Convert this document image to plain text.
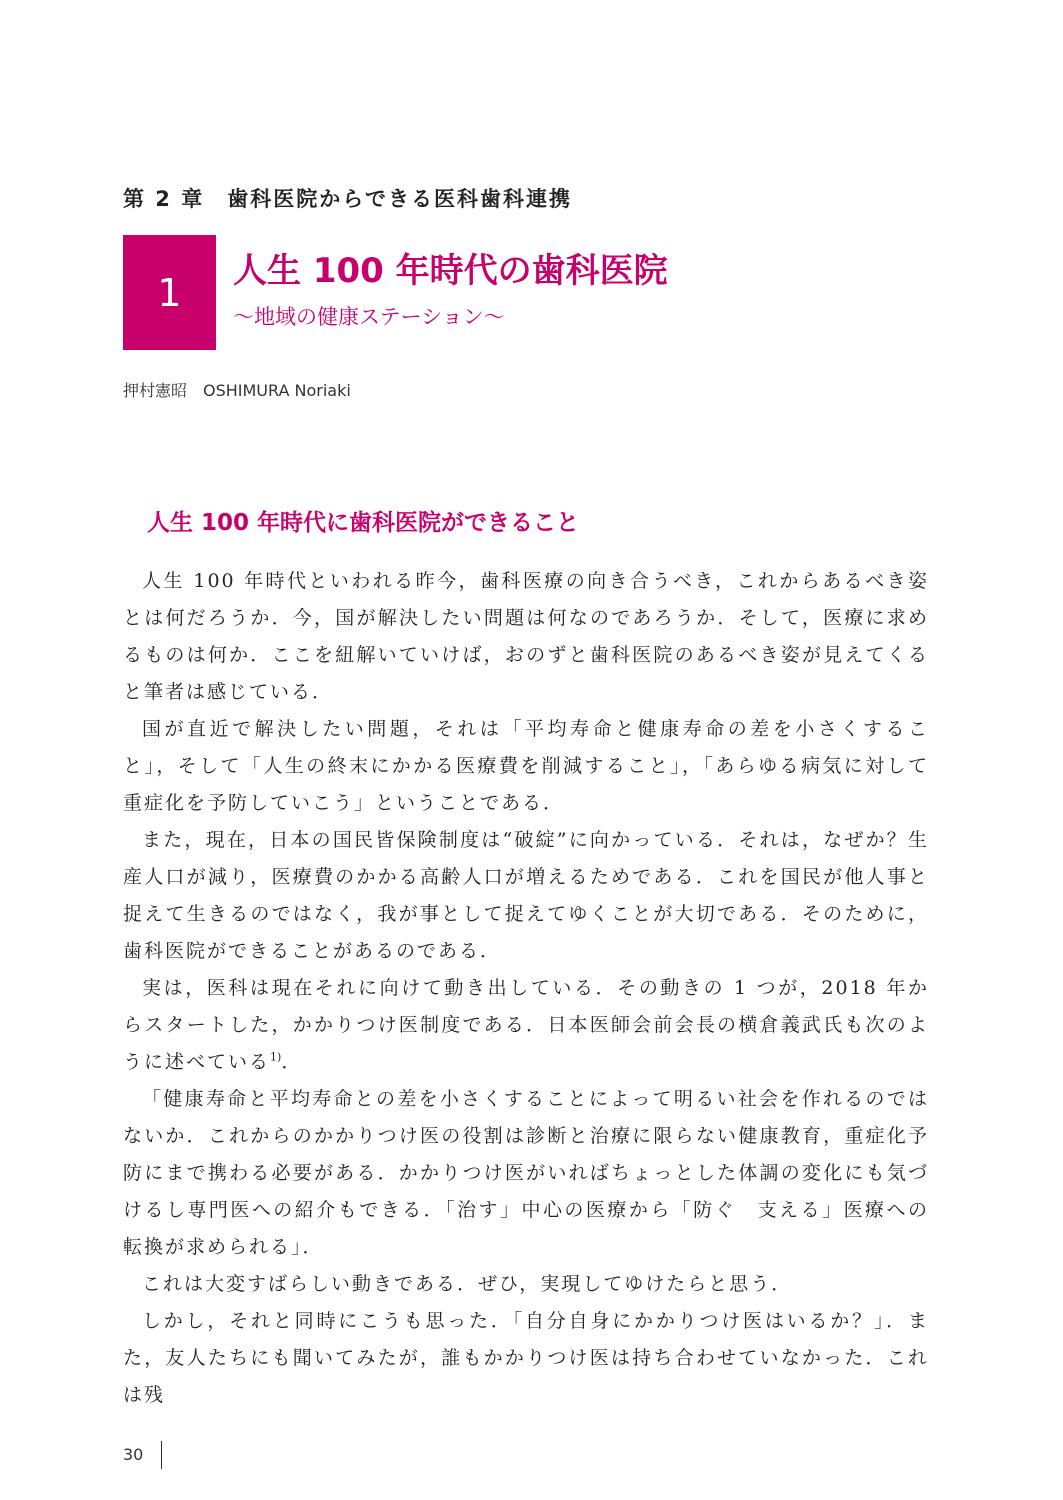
第 2 章　歯科医院からできる医科歯科連携
1 人生 100 年時代の歯科医院
〜地域の健康ステーション〜
押村憲昭　OSHIMURA Noriaki
人生 100 年時代に歯科医院ができること

人生 100 年時代といわれる昨今，歯科医療の向き合うべき，これからあるべき姿とは何だろうか．今，国が解決したい問題は何なのであろうか．そして，医療に求めるものは何か．ここを紐解いていけば，おのずと歯科医院のあるべき姿が見えてくると筆者は感じている．

国が直近で解決したい問題，それは「平均寿命と健康寿命の差を小さくすること」，そして「人生の終末にかかる医療費を削減すること」，「あらゆる病気に対して重症化を予防していこう」ということである．

また，現在，日本の国民皆保険制度は“破綻”に向かっている．それは，なぜか？生産人口が減り，医療費のかかる高齢人口が増えるためである．これを国民が他人事と捉えて生きるのではなく，我が事として捉えてゆくことが大切である．そのために，歯科医院ができることがあるのである．

実は，医科は現在それに向けて動き出している．その動きの 1 つが，2018 年からスタートした，かかりつけ医制度である．日本医師会前会長の横倉義武氏も次のように述べている$^{1)}$．

「健康寿命と平均寿命との差を小さくすることによって明るい社会を作れるのではないか．これからのかかりつけ医の役割は診断と治療に限らない健康教育，重症化予防にまで携わる必要がある．かかりつけ医がいればちょっとした体調の変化にも気づけるし専門医への紹介もできる．「治す」中心の医療から「防ぐ　支える」医療への転換が求められる」．

これは大変すばらしい動きである．ぜひ，実現してゆけたらと思う．

しかし，それと同時にこうも思った．「自分自身にかかりつけ医はいるか？」．また，友人たちにも聞いてみたが，誰もかかりつけ医は持ち合わせていなかった．これは残

30
